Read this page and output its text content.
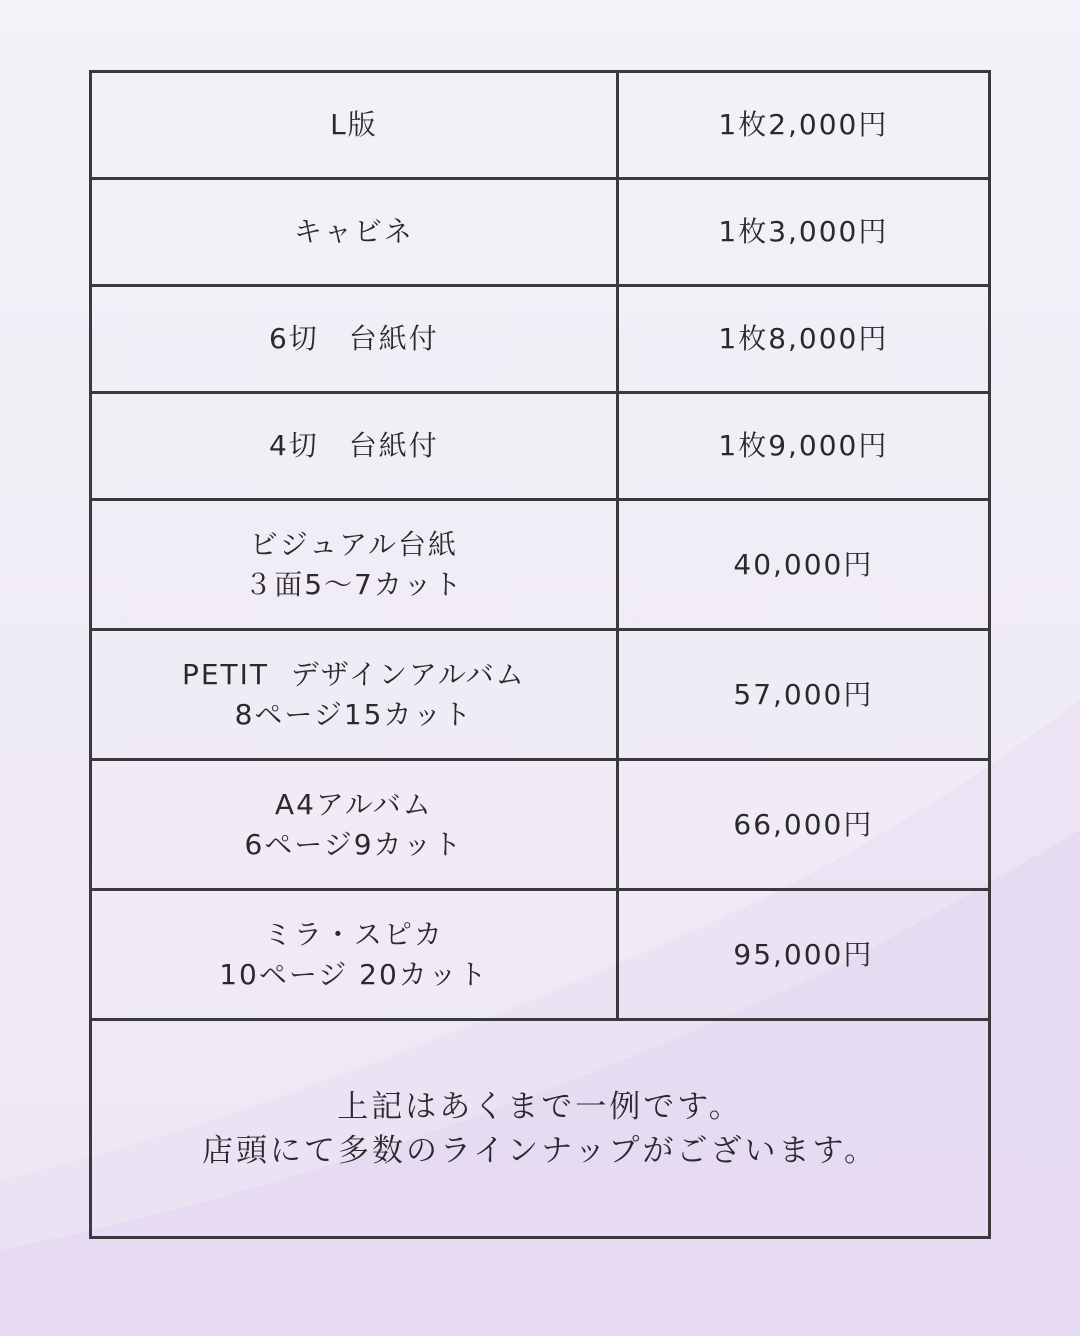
L版	1枚2,000円

キャビネ	1枚3,000円

6切　台紙付	1枚8,000円

4切　台紙付	1枚9,000円

ビジュアル台紙
３面5〜7カット	40,000円

PETIT  デザインアルバム
8ページ15カット	57,000円

A4アルバム
6ページ9カット	66,000円

ミラ・スピカ
10ページ 20カット	95,000円

上記はあくまで一例です。
店頭にて多数のラインナップがございます。	
